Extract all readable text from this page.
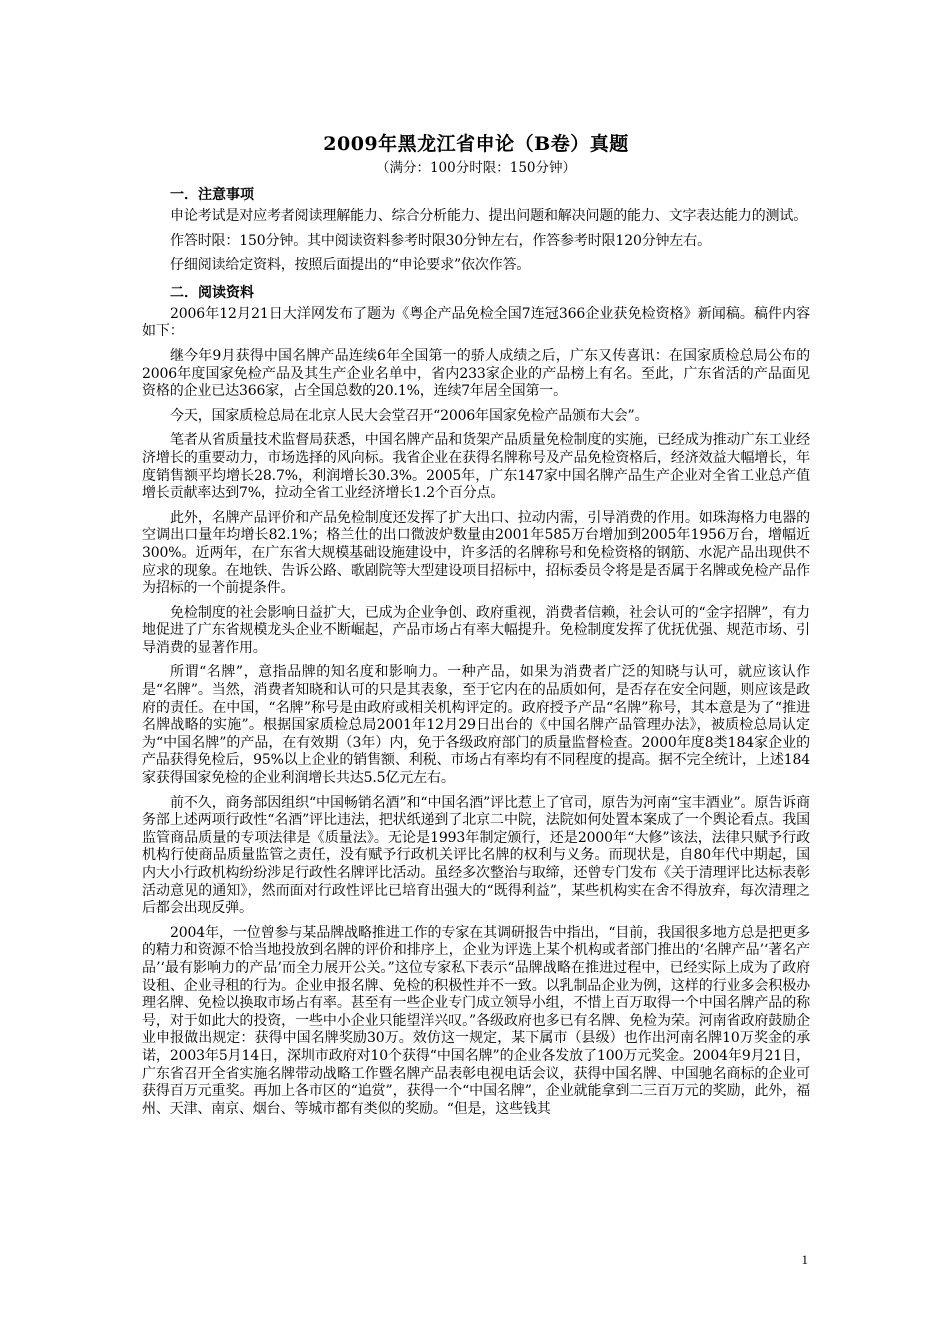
2009年黑龙江省申论（B卷）真题

（满分：100分时限：150分钟）

一．注意事项

申论考试是对应考者阅读理解能力、综合分析能力、提出问题和解决问题的能力、文字表达能力的测试。

作答时限：150分钟。其中阅读资料参考时限30分钟左右，作答参考时限120分钟左右。

仔细阅读给定资料，按照后面提出的“申论要求”依次作答。

二．阅读资料

2006年12月21日大洋网发布了题为《粤企产品免检全国7连冠366企业获免检资格》新闻稿。稿件内容如下：

继今年9月获得中国名牌产品连续6年全国第一的骄人成绩之后，广东又传喜讯：在国家质检总局公布的2006年度国家免检产品及其生产企业名单中，省内233家企业的产品榜上有名。至此，广东省活的产品面见资格的企业已达366家，占全国总数的20.1%，连续7年居全国第一。

今天，国家质检总局在北京人民大会堂召开“2006年国家免检产品颁布大会”。

笔者从省质量技术监督局获悉，中国名牌产品和货架产品质量免检制度的实施，已经成为推动广东工业经济增长的重要动力，市场选择的风向标。我省企业在获得名牌称号及产品免检资格后，经济效益大幅增长，年度销售额平均增长28.7%，利润增长30.3%。2005年，广东147家中国名牌产品生产企业对全省工业总产值增长贡献率达到7%，拉动全省工业经济增长1.2个百分点。

此外，名牌产品评价和产品免检制度还发挥了扩大出口、拉动内需，引导消费的作用。如珠海格力电器的空调出口量年均增长82.1%；格兰仕的出口微波炉数量由2001年585万台增加到2005年1956万台，增幅近300%。近两年，在广东省大规模基础设施建设中，许多活的名牌称号和免检资格的钢筋、水泥产品出现供不应求的现象。在地铁、告诉公路、歌剧院等大型建设项目招标中，招标委员令将是是否属于名牌或免检产品作为招标的一个前提条件。

免检制度的社会影响日益扩大，已成为企业争创、政府重视，消费者信赖，社会认可的“金字招牌”，有力地促进了广东省规模龙头企业不断崛起，产品市场占有率大幅提升。免检制度发挥了优抚优强、规范市场、引导消费的显著作用。

所谓“名牌”，意指品牌的知名度和影响力。一种产品，如果为消费者广泛的知晓与认可，就应该认作是“名牌”。当然，消费者知晓和认可的只是其表象，至于它内在的品质如何，是否存在安全问题，则应该是政府的责任。在中国，“名牌”称号是由政府或相关机构评定的。政府授予产品“名牌”称号，其本意是为了“推进名牌战略的实施”。根据国家质检总局2001年12月29日出台的《中国名牌产品管理办法》，被质检总局认定为“中国名牌”的产品，在有效期（3年）内，免于各级政府部门的质量监督检查。2000年度8类184家企业的产品获得免检后，95%以上企业的销售额、利税、市场占有率均有不同程度的提高。据不完全统计，上述184家获得国家免检的企业利润增长共达5.5亿元左右。

前不久，商务部因组织“中国畅销名酒”和“中国名酒”评比惹上了官司，原告为河南“宝丰酒业”。原告诉商务部上述两项行政性“名酒”评比违法，把状纸递到了北京二中院，法院如何处置本案成了一个舆论看点。我国监管商品质量的专项法律是《质量法》。无论是1993年制定颁行，还是2000年“大修”该法，法律只赋予行政机构行使商品质量监管之责任，没有赋予行政机关评比名牌的权利与义务。而现状是，自80年代中期起，国内大小行政机构纷纷涉足行政性名牌评比活动。虽经多次整治与取缔，还曾专门发布《关于清理评比达标表彰活动意见的通知》，然而面对行政性评比已培育出强大的“既得利益”，某些机构实在舍不得放弃，每次清理之后都会出现反弹。

2004年，一位曾参与某品牌战略推进工作的专家在其调研报告中指出，“目前，我国很多地方总是把更多的精力和资源不恰当地投放到名牌的评价和排序上，企业为评选上某个机构或者部门推出的‘名牌产品’‘著名产品’‘最有影响力的产品’而全力展开公关。”这位专家私下表示“品牌战略在推进过程中，已经实际上成为了政府设租、企业寻租的行为。企业申报名牌、免检的积极性并不一致。以乳制品企业为例，这样的行业多会积极办理名牌、免检以换取市场占有率。甚至有一些企业专门成立领导小组，不惜上百万取得一个中国名牌产品的称号，对于如此大的投资，一些中小企业只能望洋兴叹。”各级政府也多已有名牌、免检为荣。河南省政府鼓励企业申报做出规定：获得中国名牌奖励30万。效仿这一规定，某下属市（县级）也作出河南名牌10万奖金的承诺，2003年5月14日，深圳市政府对10个获得“中国名牌”的企业各发放了100万元奖金。2004年9月21日，广东省召开全省实施名牌带动战略工作暨名牌产品表彰电视电话会议，获得中国名牌、中国驰名商标的企业可获得百万元重奖。再加上各市区的“追赏”，获得一个“中国名牌”，企业就能拿到二三百万元的奖励，此外，福州、天津、南京、烟台、等城市都有类似的奖励。“但是，这些钱其

1
